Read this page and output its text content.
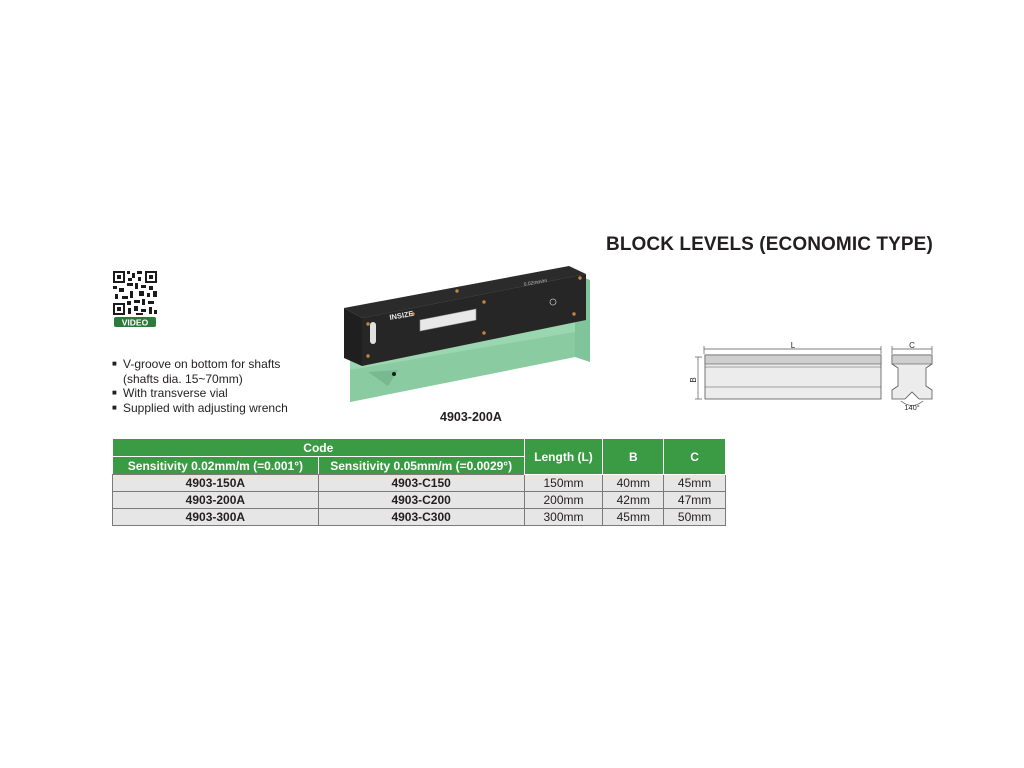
BLOCK LEVELS (ECONOMIC TYPE)
VIDEO
■ V-groove on bottom for shafts
(shafts dia. 15~70mm)
■ With transverse vial
■ Supplied with adjusting wrench
INSIZE
0.02mm/m
4903-200A
L	C
B
140°
Code		Length (L)	B	C
Sensitivity 0.02mm/m (=0.001°)	Sensitivity 0.05mm/m (=0.0029°)			
4903-150A	4903-C150	150mm	40mm	45mm
4903-200A	4903-C200	200mm	42mm	47mm
4903-300A	4903-C300	300mm	45mm	50mm
